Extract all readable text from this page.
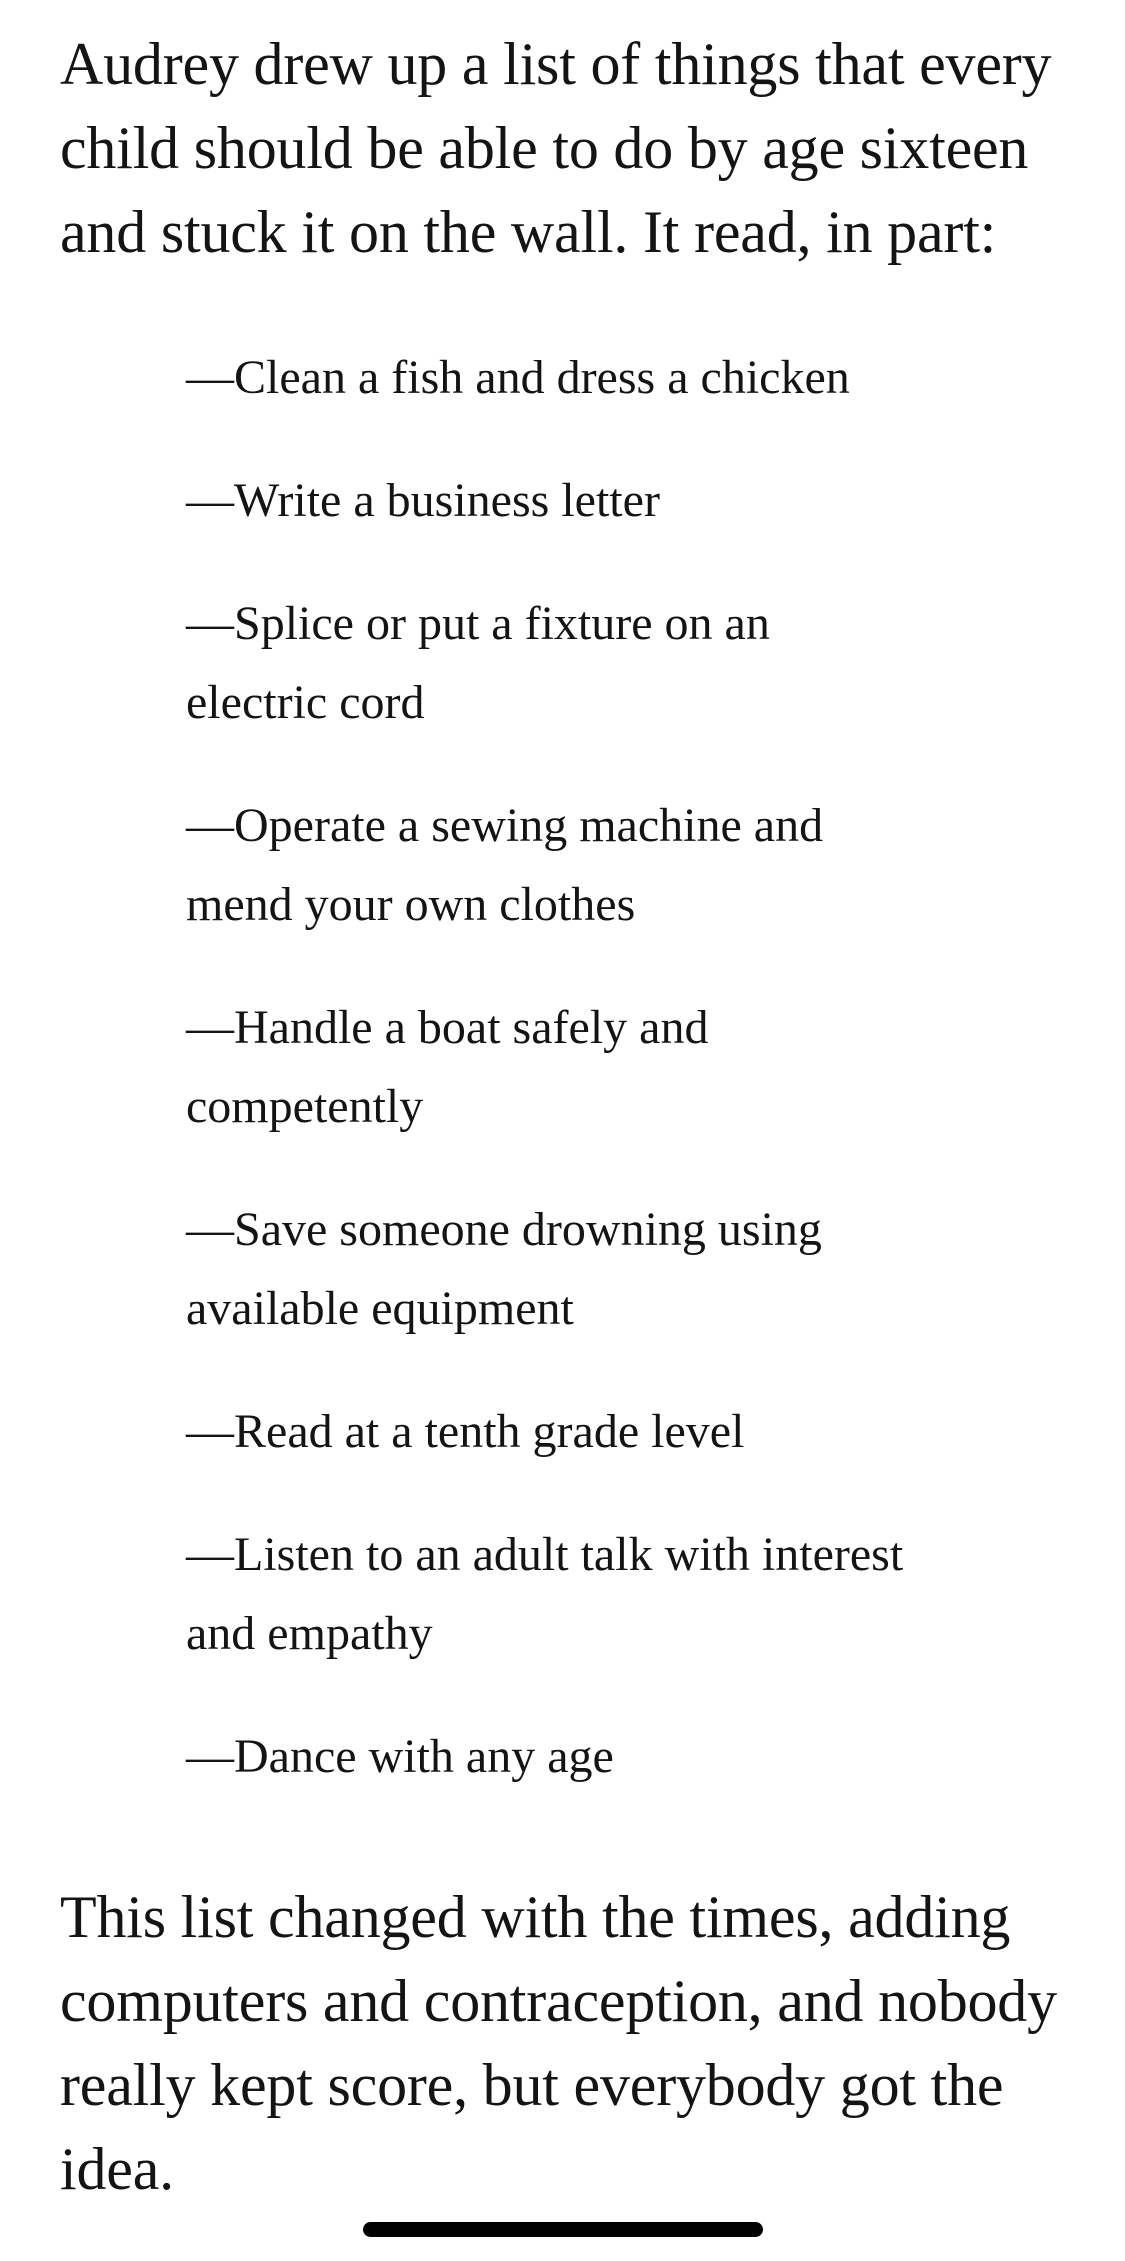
Audrey drew up a list of things that every child should be able to do by age sixteen and stuck it on the wall. It read, in part:

—Clean a fish and dress a chicken
—Write a business letter
—Splice or put a fixture on an electric cord
—Operate a sewing machine and mend your own clothes
—Handle a boat safely and competently
—Save someone drowning using available equipment
—Read at a tenth grade level
—Listen to an adult talk with interest and empathy
—Dance with any age

This list changed with the times, adding computers and contraception, and nobody really kept score, but everybody got the idea.
